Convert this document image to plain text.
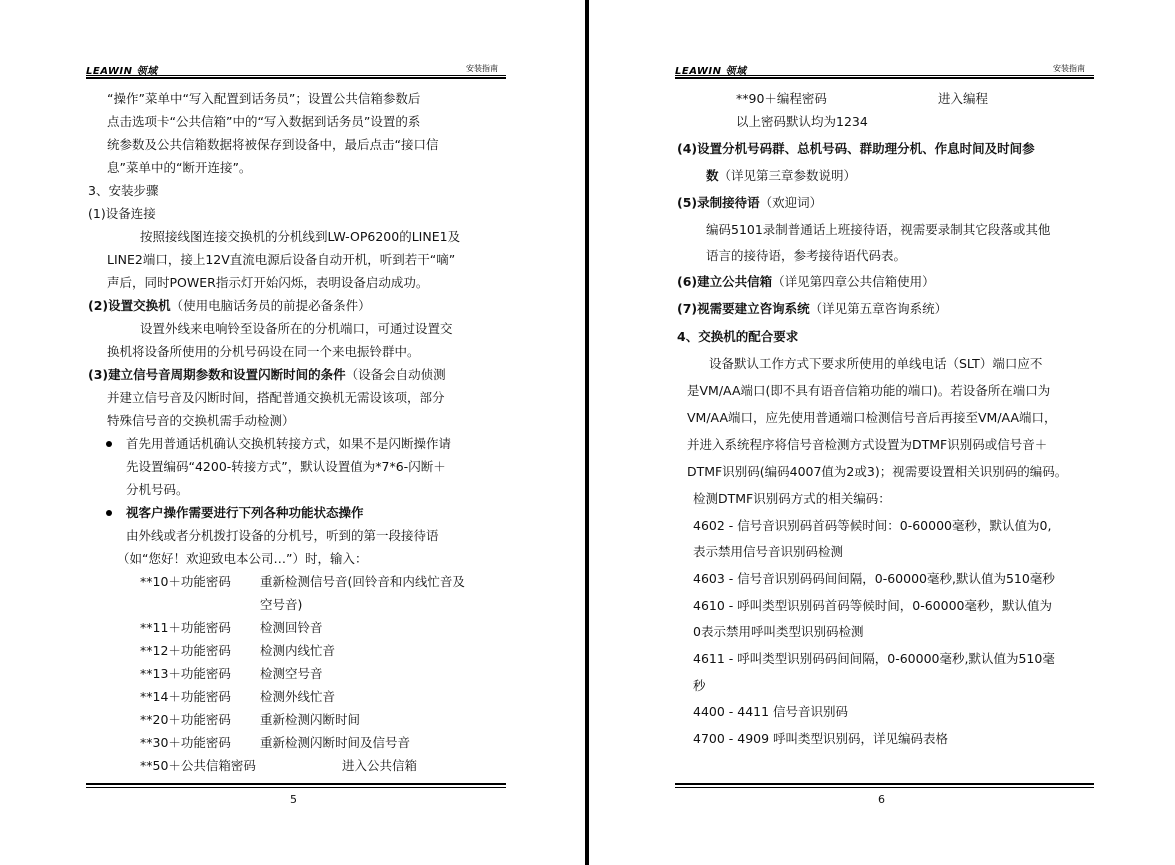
LEAWIN 领域	安装指南
“操作”菜单中“写入配置到话务员”；设置公共信箱参数后
点击选项卡“公共信箱”中的“写入数据到话务员”设置的系
统参数及公共信箱数据将被保存到设备中，最后点击“接口信
息”菜单中的“断开连接”。
3、安装步骤
(1)设备连接
按照接线图连接交换机的分机线到LW-OP6200的LINE1及
LINE2端口，接上12V直流电源后设备自动开机，听到若干“嘀”
声后，同时POWER指示灯开始闪烁，表明设备启动成功。
(2)设置交换机（使用电脑话务员的前提必备条件）
设置外线来电响铃至设备所在的分机端口，可通过设置交
换机将设备所使用的分机号码设在同一个来电振铃群中。
(3)建立信号音周期参数和设置闪断时间的条件（设备会自动侦测
并建立信号音及闪断时间，搭配普通交换机无需设该项，部分
特殊信号音的交换机需手动检测）
首先用普通话机确认交换机转接方式，如果不是闪断操作请
先设置编码“4200-转接方式”，默认设置值为*7*6-闪断＋
分机号码。
视客户操作需要进行下列各种功能状态操作
由外线或者分机拨打设备的分机号，听到的第一段接待语
（如“您好！欢迎致电本公司…”）时，输入：
**10＋功能密码 重新检测信号音(回铃音和内线忙音及
空号音)
**11＋功能密码 检测回铃音
**12＋功能密码 检测内线忙音
**13＋功能密码 检测空号音
**14＋功能密码 检测外线忙音
**20＋功能密码 重新检测闪断时间
**30＋功能密码 重新检测闪断时间及信号音
**50＋公共信箱密码	进入公共信箱
5
LEAWIN 领域	安装指南
**90＋编程密码	进入编程
以上密码默认均为1234
(4)设置分机号码群、总机号码、群助理分机、作息时间及时间参
数（详见第三章参数说明）
(5)录制接待语（欢迎词）
编码5101录制普通话上班接待语，视需要录制其它段落或其他
语言的接待语，参考接待语代码表。
(6)建立公共信箱（详见第四章公共信箱使用）
(7)视需要建立咨询系统（详见第五章咨询系统）
4、交换机的配合要求
设备默认工作方式下要求所使用的单线电话（SLT）端口应不
是VM/AA端口(即不具有语音信箱功能的端口)。若设备所在端口为
VM/AA端口，应先使用普通端口检测信号音后再接至VM/AA端口，
并进入系统程序将信号音检测方式设置为DTMF识别码或信号音＋
DTMF识别码(编码4007值为2或3)；视需要设置相关识别码的编码。
检测DTMF识别码方式的相关编码：
4602 - 信号音识别码首码等候时间：0-60000毫秒，默认值为0,
表示禁用信号音识别码检测
4603 - 信号音识别码码间间隔，0-60000毫秒,默认值为510毫秒
4610 - 呼叫类型识别码首码等候时间，0-60000毫秒，默认值为
0表示禁用呼叫类型识别码检测
4611 - 呼叫类型识别码码间间隔，0-60000毫秒,默认值为510毫
秒
4400 - 4411 信号音识别码
4700 - 4909 呼叫类型识别码，详见编码表格
6
